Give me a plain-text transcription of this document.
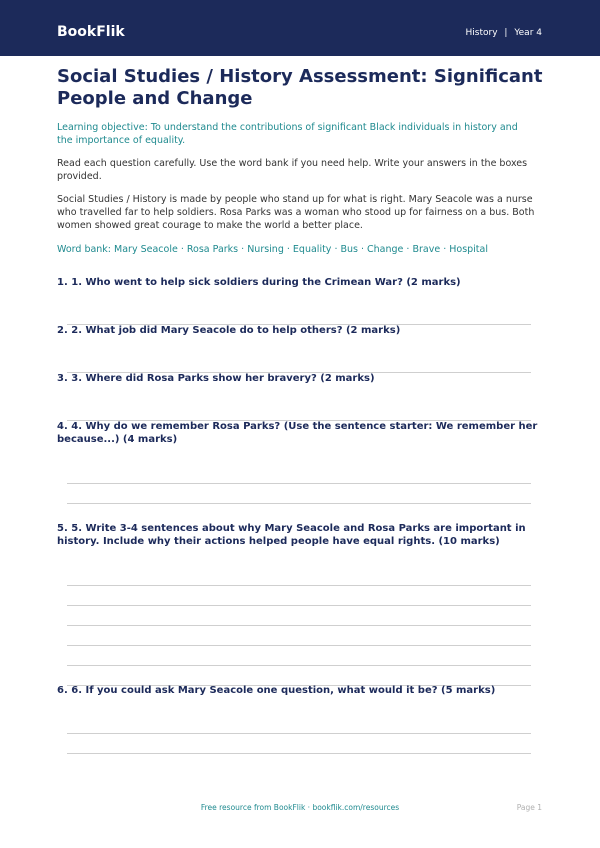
BookFlik	History | Year 4
Social Studies / History Assessment: Significant People and Change

Learning objective: To understand the contributions of significant Black individuals in history and the importance of equality.

Read each question carefully. Use the word bank if you need help. Write your answers in the boxes provided.

Social Studies / History is made by people who stand up for what is right. Mary Seacole was a nurse who travelled far to help soldiers. Rosa Parks was a woman who stood up for fairness on a bus. Both women showed great courage to make the world a better place.

Word bank: Mary Seacole · Rosa Parks · Nursing · Equality · Bus · Change · Brave · Hospital

1. 1. Who went to help sick soldiers during the Crimean War? (2 marks)

2. 2. What job did Mary Seacole do to help others? (2 marks)

3. 3. Where did Rosa Parks show her bravery? (2 marks)

4. 4. Why do we remember Rosa Parks? (Use the sentence starter: We remember her because...) (4 marks)

5. 5. Write 3-4 sentences about why Mary Seacole and Rosa Parks are important in history. Include why their actions helped people have equal rights. (10 marks)

6. 6. If you could ask Mary Seacole one question, what would it be? (5 marks)

Free resource from BookFlik · bookflik.com/resources	Page 1
